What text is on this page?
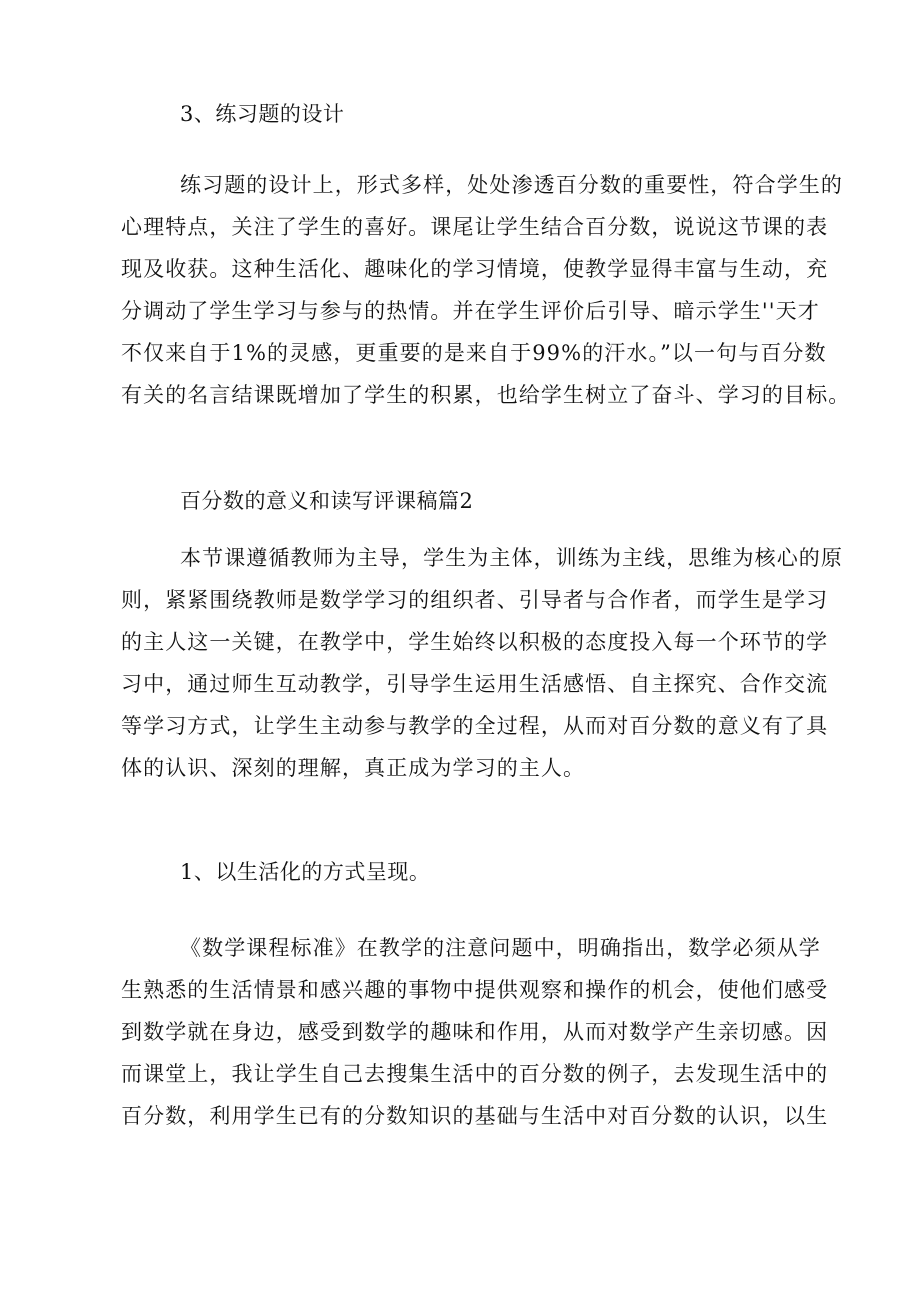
3、练习题的设计
练习题的设计上，形式多样，处处渗透百分数的重要性，符合学生的
心理特点，关注了学生的喜好。课尾让学生结合百分数，说说这节课的表
现及收获。这种生活化、趣味化的学习情境，使教学显得丰富与生动，充
分调动了学生学习与参与的热情。并在学生评价后引导、暗示学生''天才
不仅来自于1%的灵感，更重要的是来自于99%的汗水。”以一句与百分数
有关的名言结课既增加了学生的积累，也给学生树立了奋斗、学习的目标。
百分数的意义和读写评课稿篇2
本节课遵循教师为主导，学生为主体，训练为主线，思维为核心的原
则，紧紧围绕教师是数学学习的组织者、引导者与合作者，而学生是学习
的主人这一关键，在教学中，学生始终以积极的态度投入每一个环节的学
习中，通过师生互动教学，引导学生运用生活感悟、自主探究、合作交流
等学习方式，让学生主动参与教学的全过程，从而对百分数的意义有了具
体的认识、深刻的理解，真正成为学习的主人。
1、以生活化的方式呈现。
《数学课程标准》在教学的注意问题中，明确指出，数学必须从学
生熟悉的生活情景和感兴趣的事物中提供观察和操作的机会，使他们感受
到数学就在身边，感受到数学的趣味和作用，从而对数学产生亲切感。因
而课堂上，我让学生自己去搜集生活中的百分数的例子，去发现生活中的
百分数，利用学生已有的分数知识的基础与生活中对百分数的认识，以生
